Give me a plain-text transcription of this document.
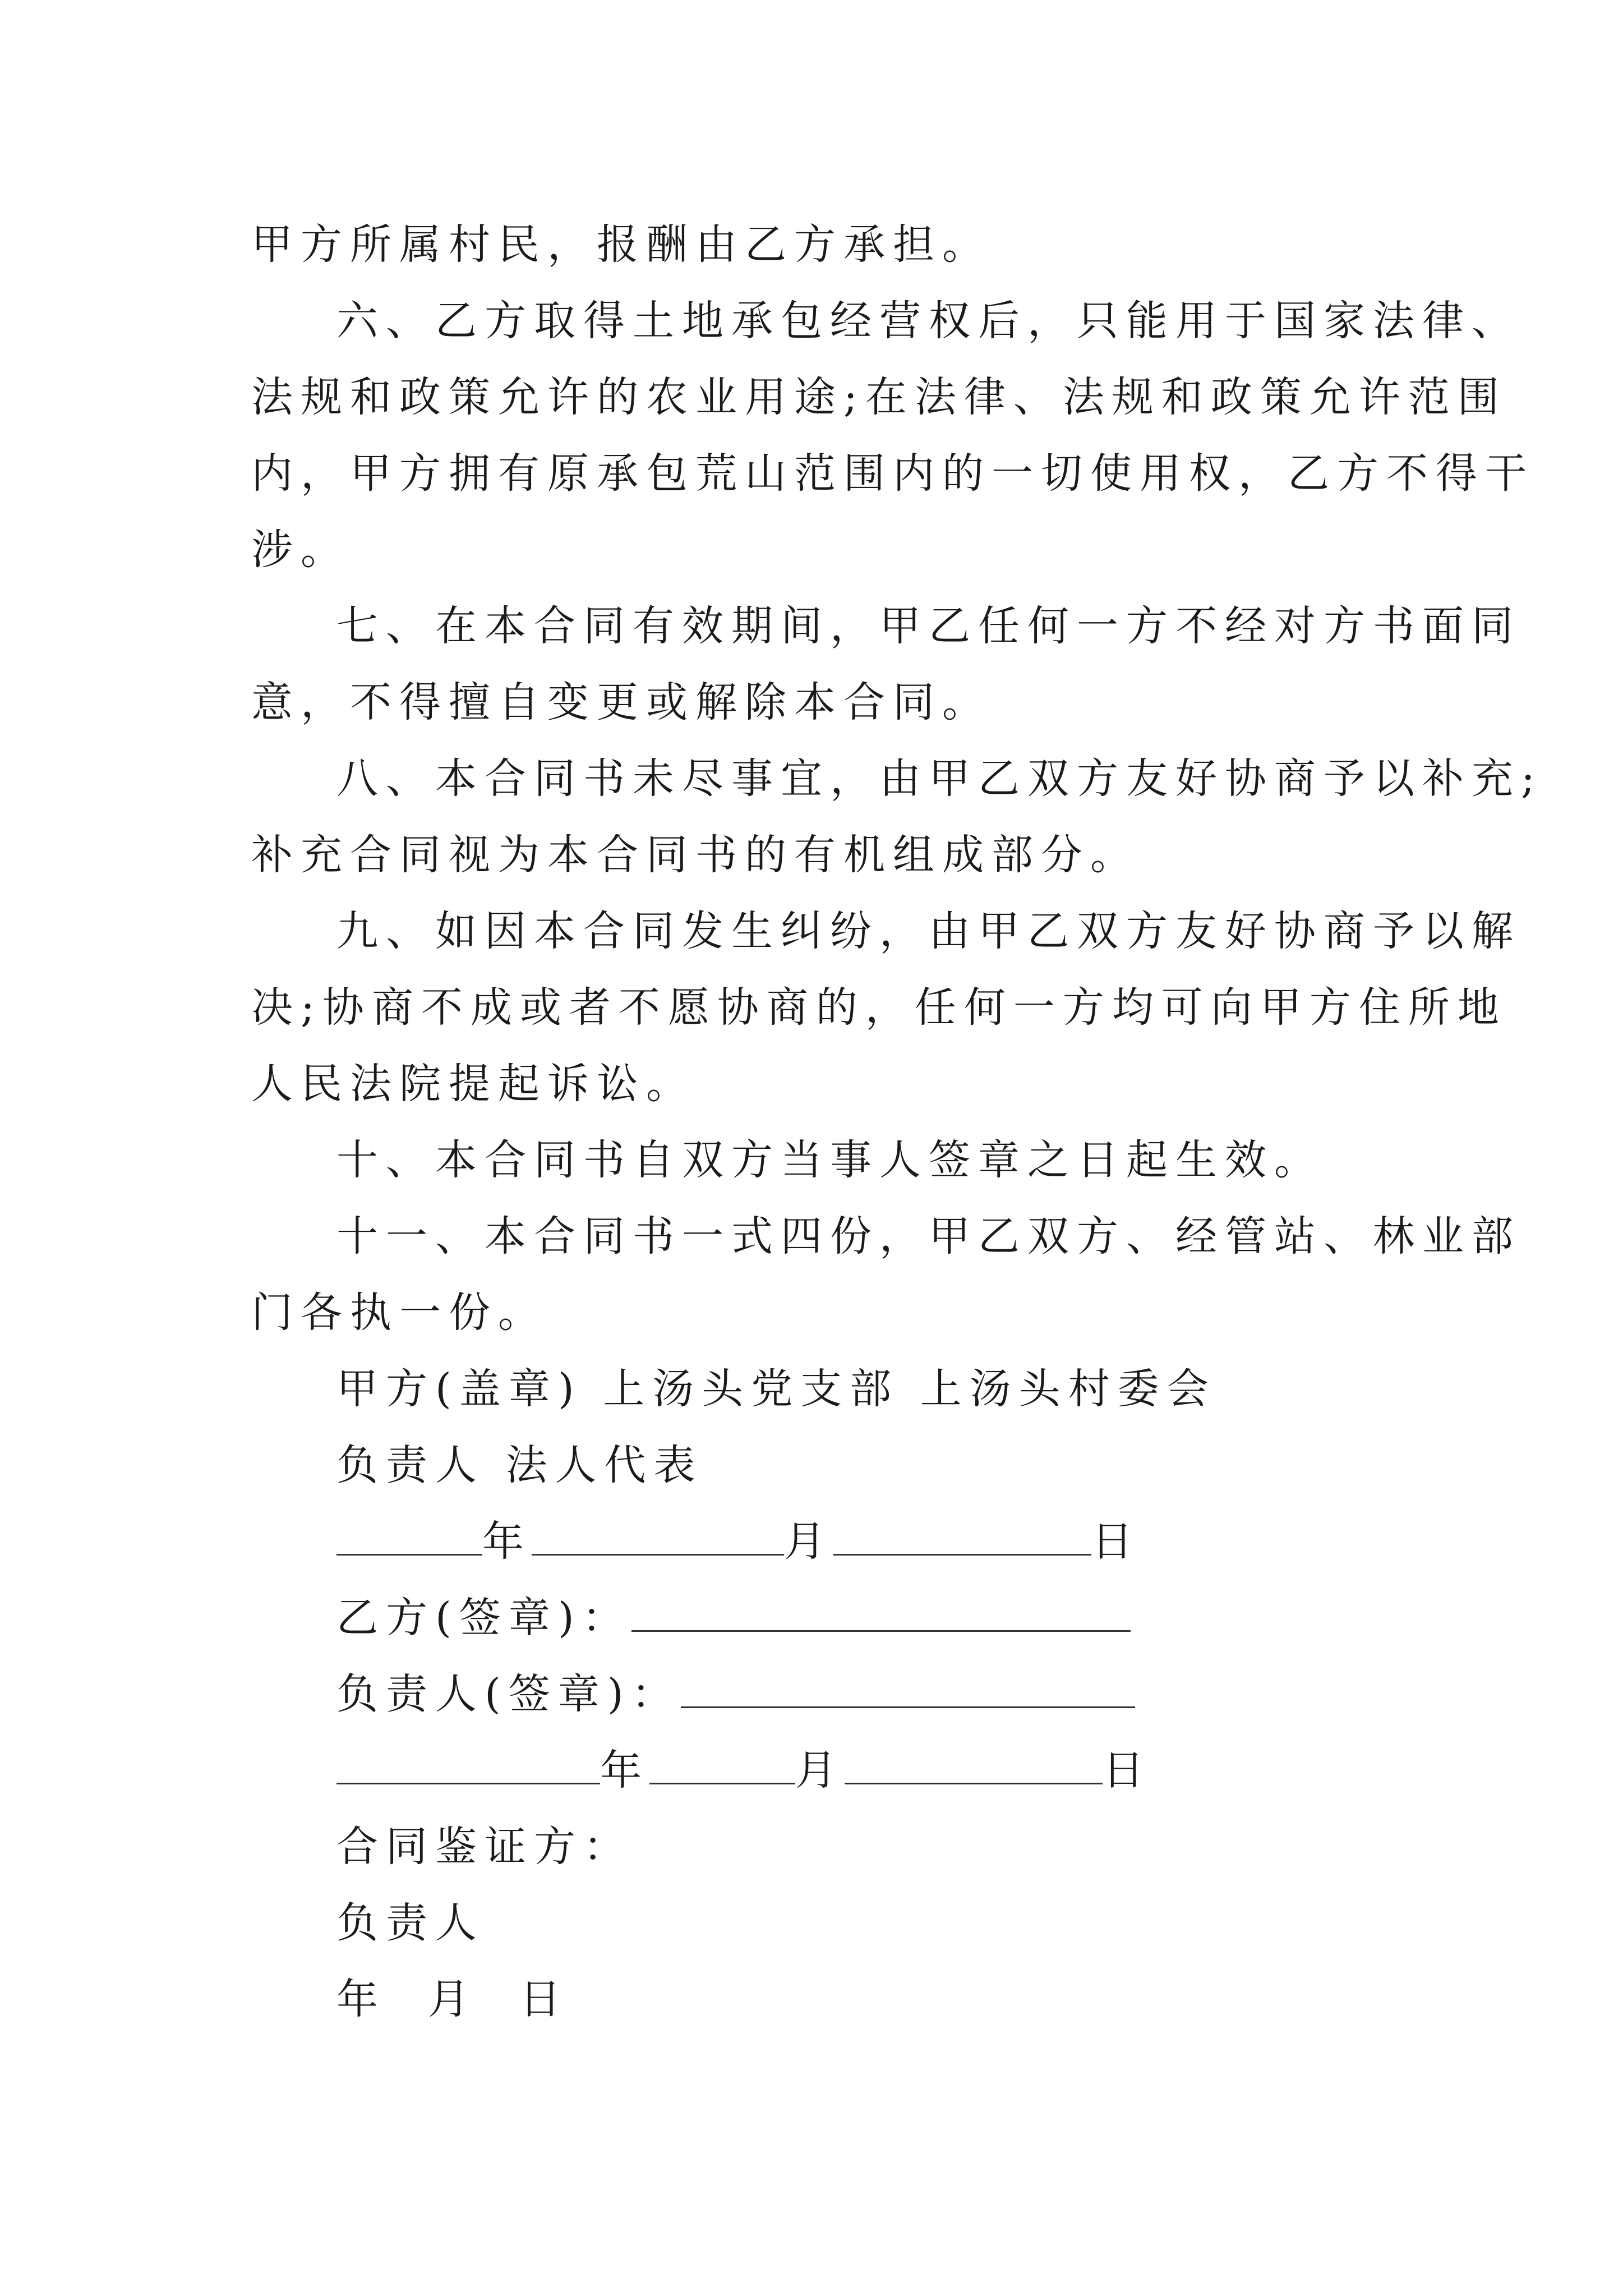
甲方所属村民，报酬由乙方承担。
六、乙方取得土地承包经营权后，只能用于国家法律、
法规和政策允许的农业用途;在法律、法规和政策允许范围
内，甲方拥有原承包荒山范围内的一切使用权，乙方不得干
涉。
七、在本合同有效期间，甲乙任何一方不经对方书面同
意，不得擅自变更或解除本合同。
八、本合同书未尽事宜，由甲乙双方友好协商予以补充;
补充合同视为本合同书的有机组成部分。
九、如因本合同发生纠纷，由甲乙双方友好协商予以解
决;协商不成或者不愿协商的，任何一方均可向甲方住所地
人民法院提起诉讼。
十、本合同书自双方当事人签章之日起生效。
十一、本合同书一式四份，甲乙双方、经管站、林业部
门各执一份。
甲方(盖章) 上汤头党支部 上汤头村委会
负责人 法人代表
年	月	日
乙方(签章)：
负责人(签章)：
年	月	日
合同鉴证方：
负责人
年  月  日
